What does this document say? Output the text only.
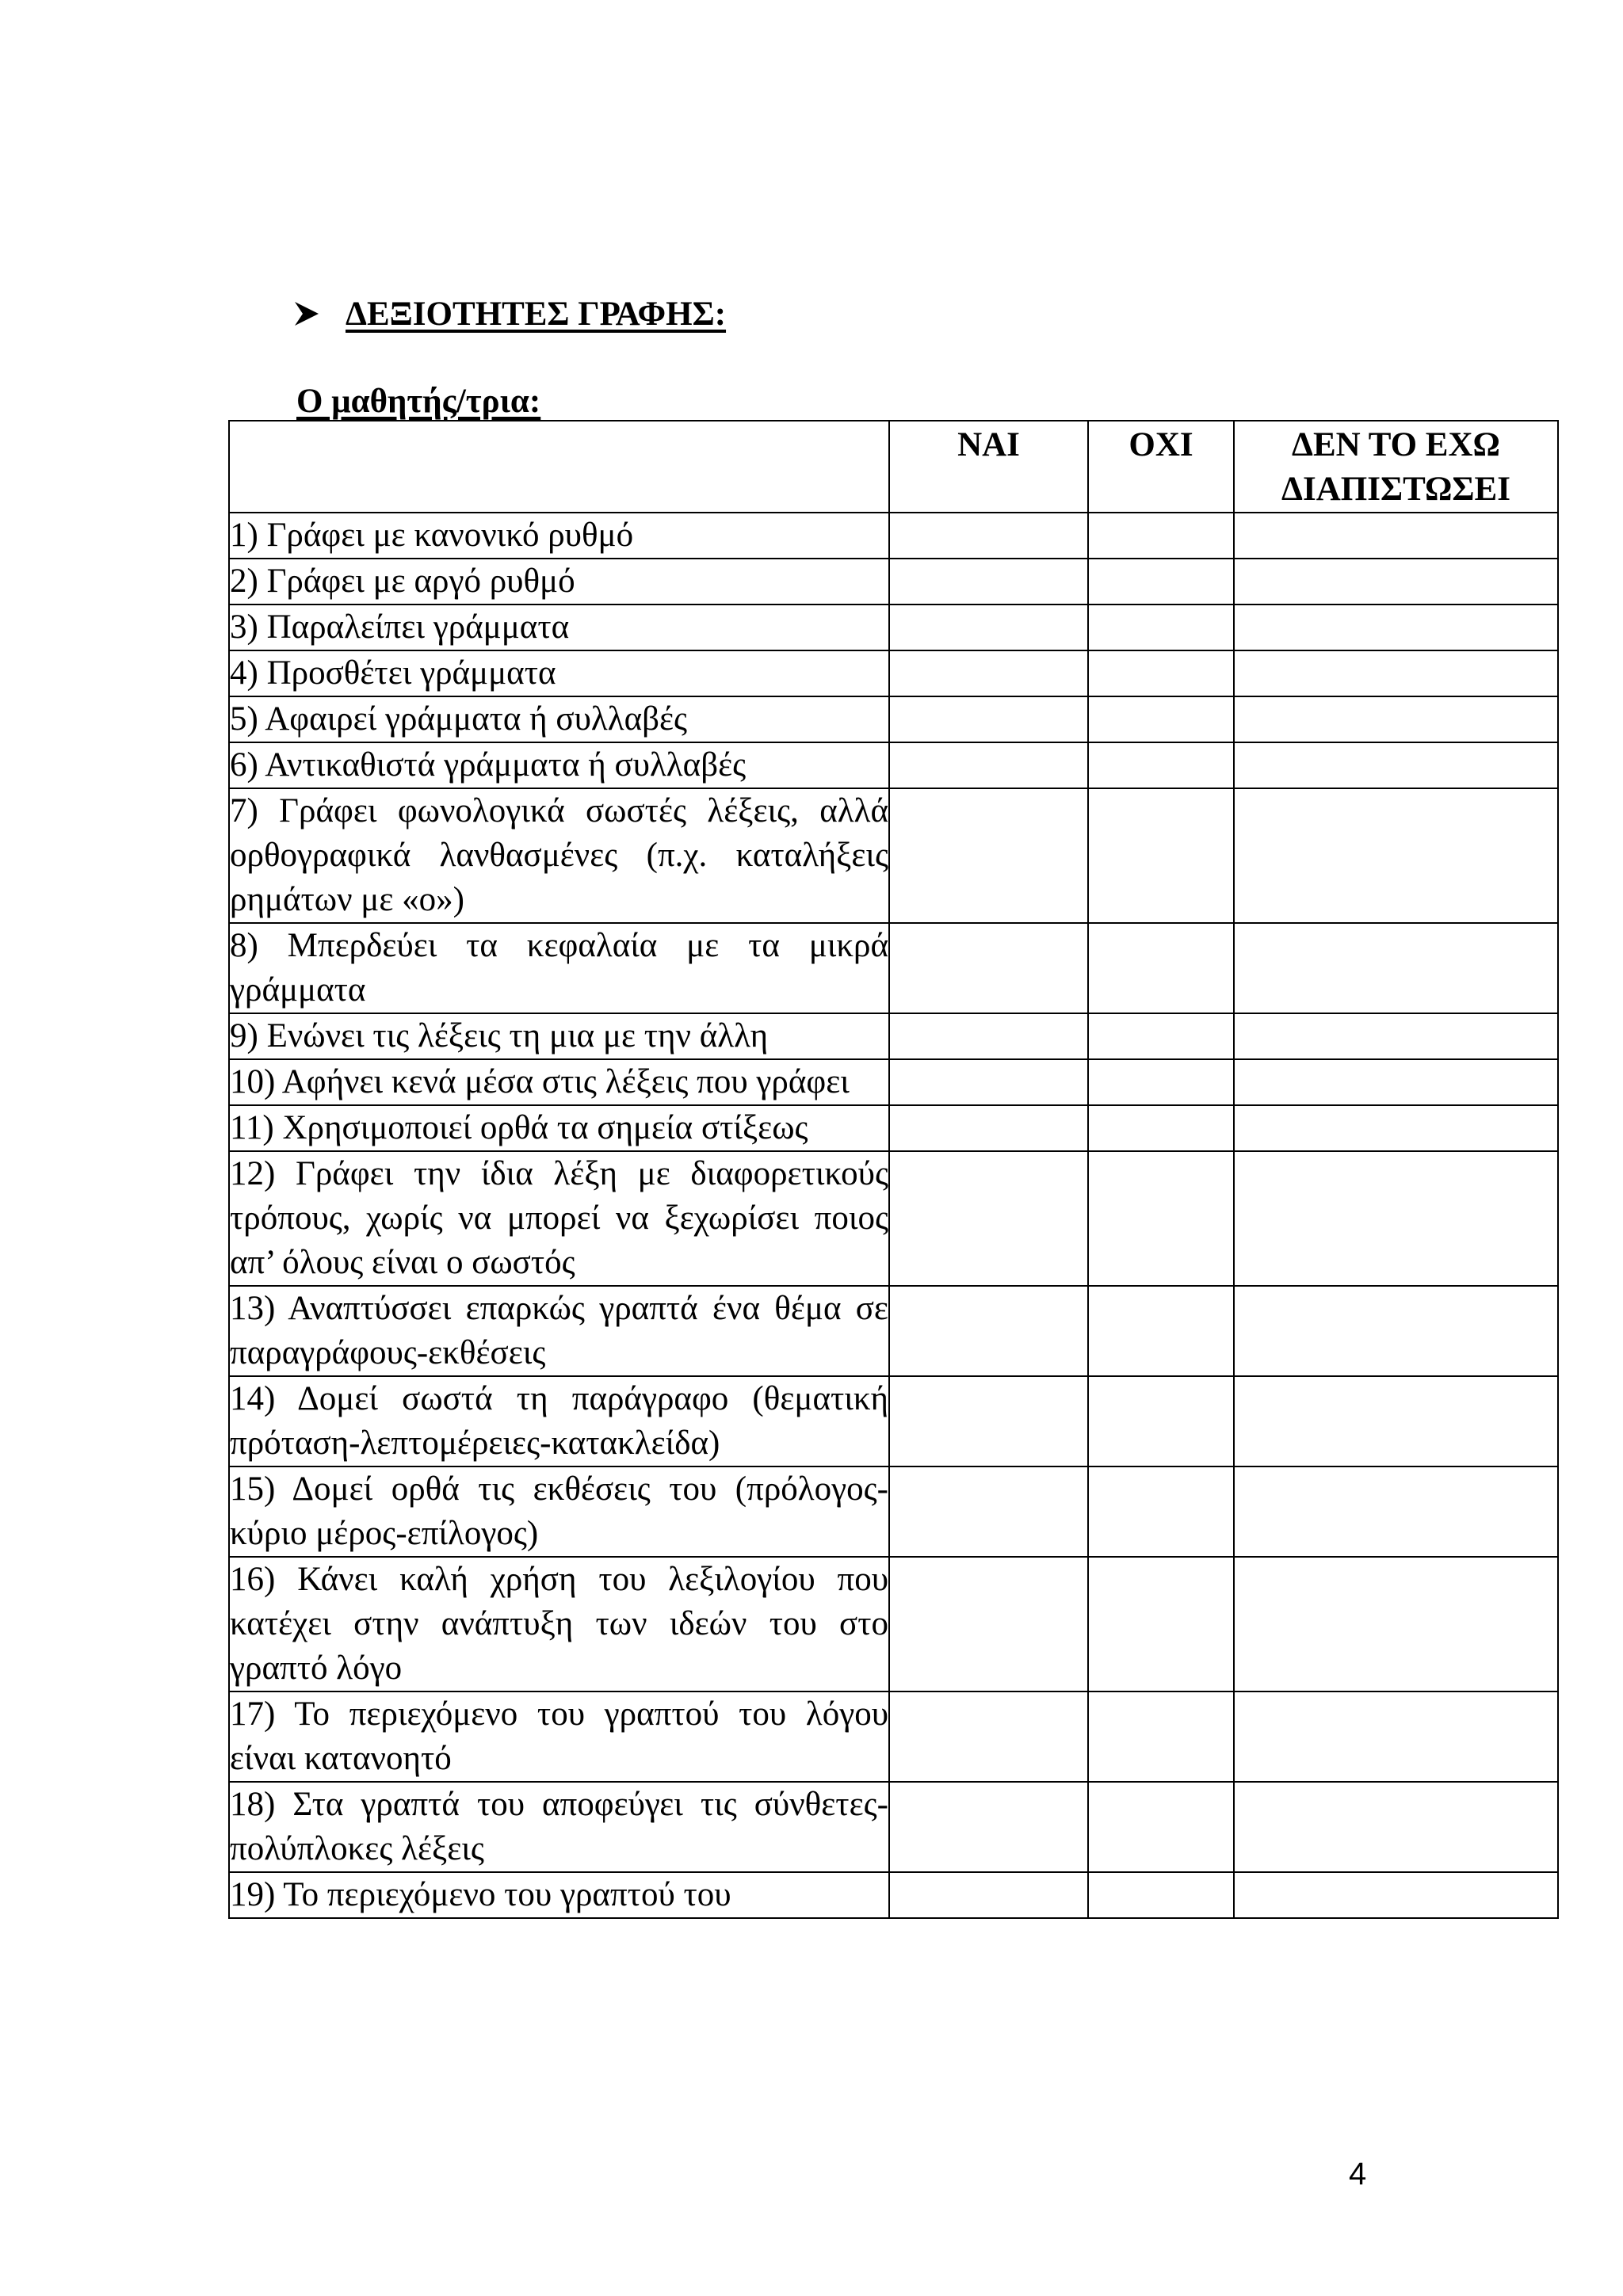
ΔΕΞΙΟΤΗΤΕΣ ΓΡΑΦΗΣ:
Ο μαθητής/τρια:
	ΝΑΙ	ΟΧΙ	ΔΕΝ ΤΟ ΕΧΩ ΔΙΑΠΙΣΤΩΣΕΙ
1) Γράφει με κανονικό ρυθμό			
2) Γράφει με αργό ρυθμό			
3) Παραλείπει γράμματα			
4) Προσθέτει γράμματα			
5) Αφαιρεί γράμματα ή συλλαβές			
6) Αντικαθιστά γράμματα ή συλλαβές			
7) Γράφει φωνολογικά σωστές λέξεις, αλλά ορθογραφικά λανθασμένες (π.χ. καταλήξεις ρημάτων με «ο»)			
8) Μπερδεύει τα κεφαλαία με τα μικρά γράμματα			
9) Ενώνει τις λέξεις τη μια με την άλλη			
10) Αφήνει κενά μέσα στις λέξεις που γράφει			
11) Χρησιμοποιεί ορθά τα σημεία στίξεως			
12) Γράφει την ίδια λέξη με διαφορετικούς τρόπους, χωρίς να μπορεί να ξεχωρίσει ποιος απ’ όλους είναι ο σωστός			
13) Αναπτύσσει επαρκώς γραπτά ένα θέμα σε παραγράφους-εκθέσεις			
14) Δομεί σωστά τη παράγραφο (θεματική πρόταση-λεπτομέρειες-κατακλείδα)			
15) Δομεί ορθά τις εκθέσεις του (πρόλογος-κύριο μέρος-επίλογος)			
16) Κάνει καλή χρήση του λεξιλογίου που κατέχει στην ανάπτυξη των ιδεών του στο γραπτό λόγο			
17) Το περιεχόμενο του γραπτού του λόγου είναι κατανοητό			
18) Στα γραπτά του αποφεύγει τις σύνθετες-πολύπλοκες λέξεις			
19) Το περιεχόμενο του γραπτού του			
4
